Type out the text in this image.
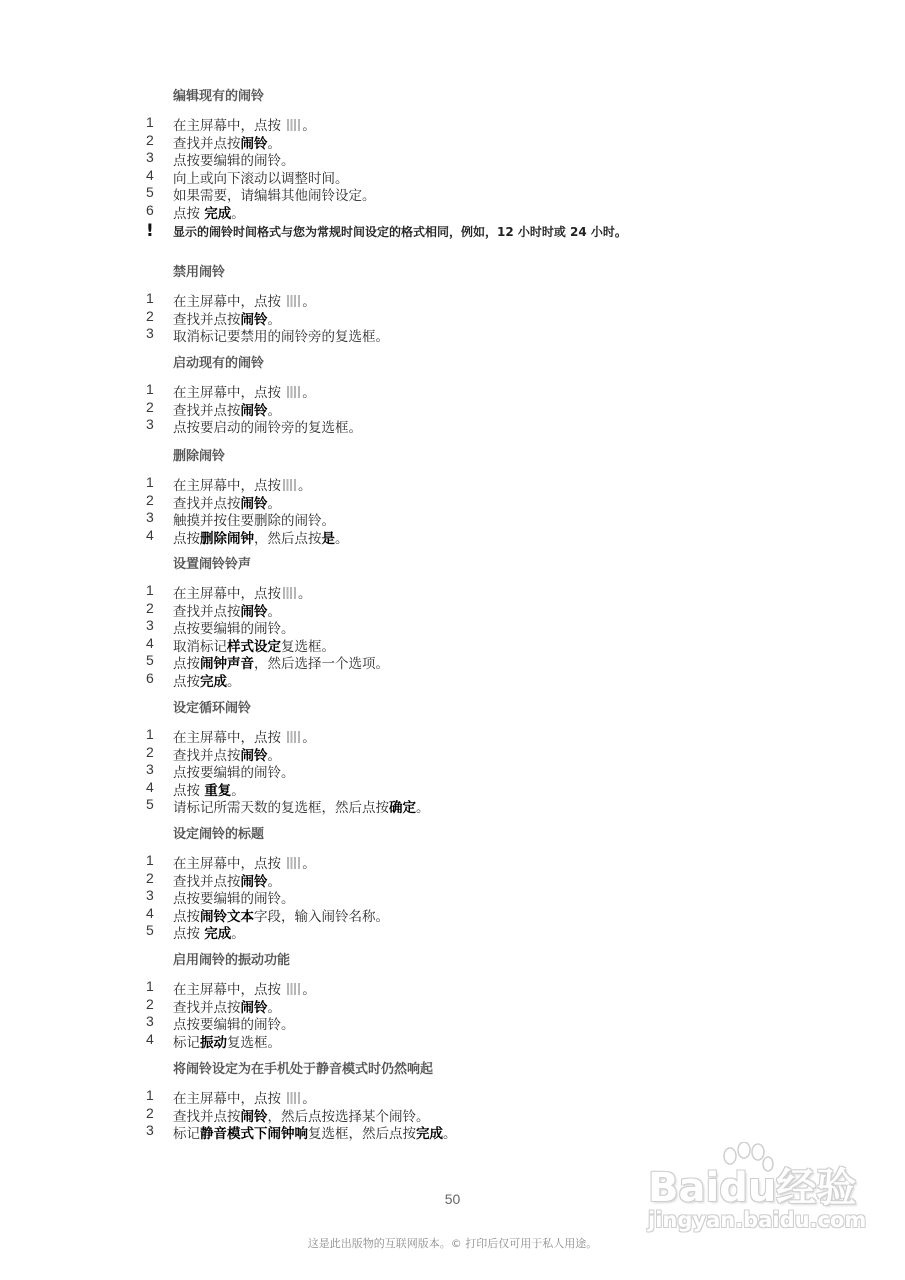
编辑现有的闹铃
1	在主屏幕中，点按 。
2	查找并点按闹铃。
3	点按要编辑的闹铃。
4	向上或向下滚动以调整时间。
5	如果需要，请编辑其他闹铃设定。
6	点按 完成。
禁用闹铃
1	在主屏幕中，点按 。
2	查找并点按闹铃。
3	取消标记要禁用的闹铃旁的复选框。
启动现有的闹铃
1	在主屏幕中，点按 。
2	查找并点按闹铃。
3	点按要启动的闹铃旁的复选框。
删除闹铃
1	在主屏幕中，点按 。
2	查找并点按闹铃。
3	触摸并按住要删除的闹铃。
4	点按删除闹钟，然后点按是。
设置闹铃铃声
1	在主屏幕中，点按 。
2	查找并点按闹铃。
3	点按要编辑的闹铃。
4	取消标记样式设定复选框。
5	点按闹钟声音，然后选择一个选项。
6	点按完成。
设定循环闹铃
1	在主屏幕中，点按 。
2	查找并点按闹铃。
3	点按要编辑的闹铃。
4	点按 重复。
5	请标记所需天数的复选框，然后点按确定。
设定闹铃的标题
1	在主屏幕中，点按 。
2	查找并点按闹铃。
3	点按要编辑的闹铃。
4	点按闹铃文本字段，输入闹铃名称。
5	点按 完成。
启用闹铃的振动功能
1	在主屏幕中，点按 。
2	查找并点按闹铃。
3	点按要编辑的闹铃。
4	标记振动复选框。
将闹铃设定为在手机处于静音模式时仍然响起
1	在主屏幕中，点按 。
2	查找并点按闹铃，然后点按选择某个闹铃。
3	标记静音模式下闹钟响复选框，然后点按完成。
! 显示的闹铃时间格式与您为常规时间设定的格式相同，例如，12 小时时或 24 小时。
Baidu经验
jingyan.baidu.com
50
这是此出版物的互联网版本。© 打印后仅可用于私人用途。
